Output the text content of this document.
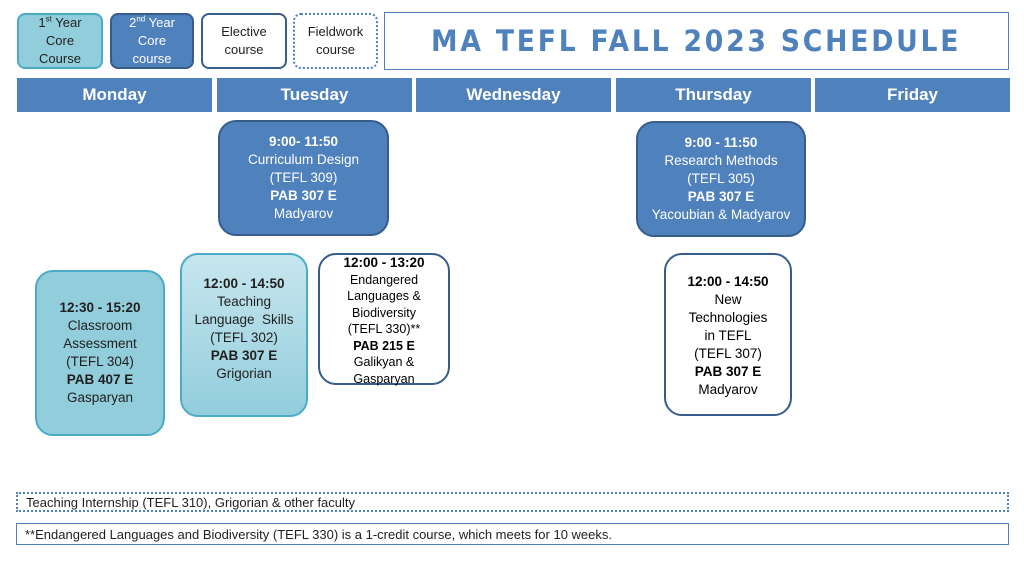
1st Year
Core
Course
2nd Year
Core
course
Elective
course
Fieldwork
course	MA TEFL FALL 2023 SCHEDULE
Monday	Tuesday	Wednesday	Thursday	Friday
9:00- 11:50
Curriculum Design
(TEFL 309)
PAB 307 E
Madyarov
9:00 - 11:50
Research Methods
(TEFL 305)
PAB 307 E
Yacoubian & Madyarov
12:30 - 15:20
Classroom
Assessment
(TEFL 304)
PAB 407 E
Gasparyan
12:00 - 14:50
Teaching
Language  Skills
(TEFL 302)
PAB 307 E
Grigorian
12:00 - 13:20
Endangered
Languages &
Biodiversity
(TEFL 330)**
PAB 215 E
Galikyan &
Gasparyan
12:00 - 14:50
New
Technologies
in TEFL
(TEFL 307)
PAB 307 E
Madyarov
Teaching Internship (TEFL 310), Grigorian & other faculty
**Endangered Languages and Biodiversity (TEFL 330) is a 1-credit course, which meets for 10 weeks.
